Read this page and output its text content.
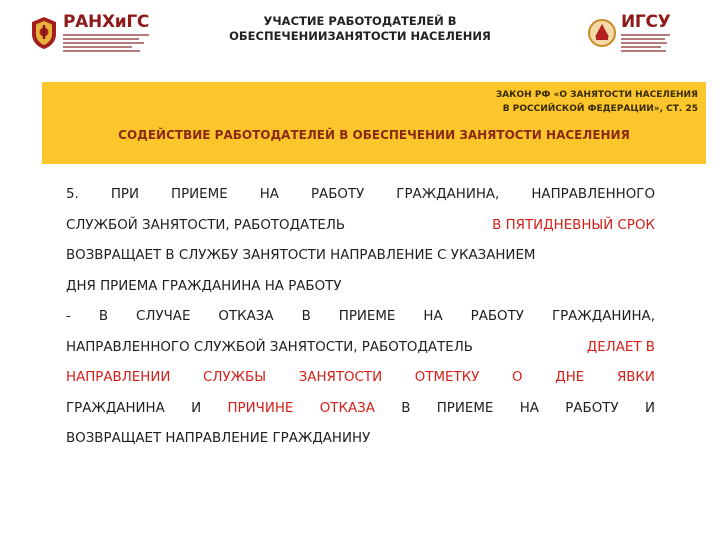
РАНХиГС	УЧАСТИЕ РАБОТОДАТЕЛЕЙ В
ОБЕСПЕЧЕНИИЗАНЯТОСТИ НАСЕЛЕНИЯ
ИГСУ
ЗАКОН РФ «О ЗАНЯТОСТИ НАСЕЛЕНИЯ
В РОССИЙСКОЙ ФЕДЕРАЦИИ», СТ. 25
СОДЕЙСТВИЕ РАБОТОДАТЕЛЕЙ В ОБЕСПЕЧЕНИИ ЗАНЯТОСТИ НАСЕЛЕНИЯ
5. ПРИ ПРИЕМЕ НА РАБОТУ ГРАЖДАНИНА, НАПРАВЛЕННОГО
СЛУЖБОЙ ЗАНЯТОСТИ, РАБОТОДАТЕЛЬ	В ПЯТИДНЕВНЫЙ СРОК
ВОЗВРАЩАЕТ В СЛУЖБУ ЗАНЯТОСТИ НАПРАВЛЕНИЕ С УКАЗАНИЕМ
ДНЯ ПРИЕМА ГРАЖДАНИНА НА РАБОТУ
- В СЛУЧАЕ ОТКАЗА В ПРИЕМЕ НА РАБОТУ ГРАЖДАНИНА,
НАПРАВЛЕННОГО СЛУЖБОЙ ЗАНЯТОСТИ, РАБОТОДАТЕЛЬ	ДЕЛАЕТ В
НАПРАВЛЕНИИ СЛУЖБЫ ЗАНЯТОСТИ ОТМЕТКУ О ДНЕ ЯВКИ
ГРАЖДАНИНА И ПРИЧИНЕ ОТКАЗА В ПРИЕМЕ НА РАБОТУ И
ВОЗВРАЩАЕТ НАПРАВЛЕНИЕ ГРАЖДАНИНУ
